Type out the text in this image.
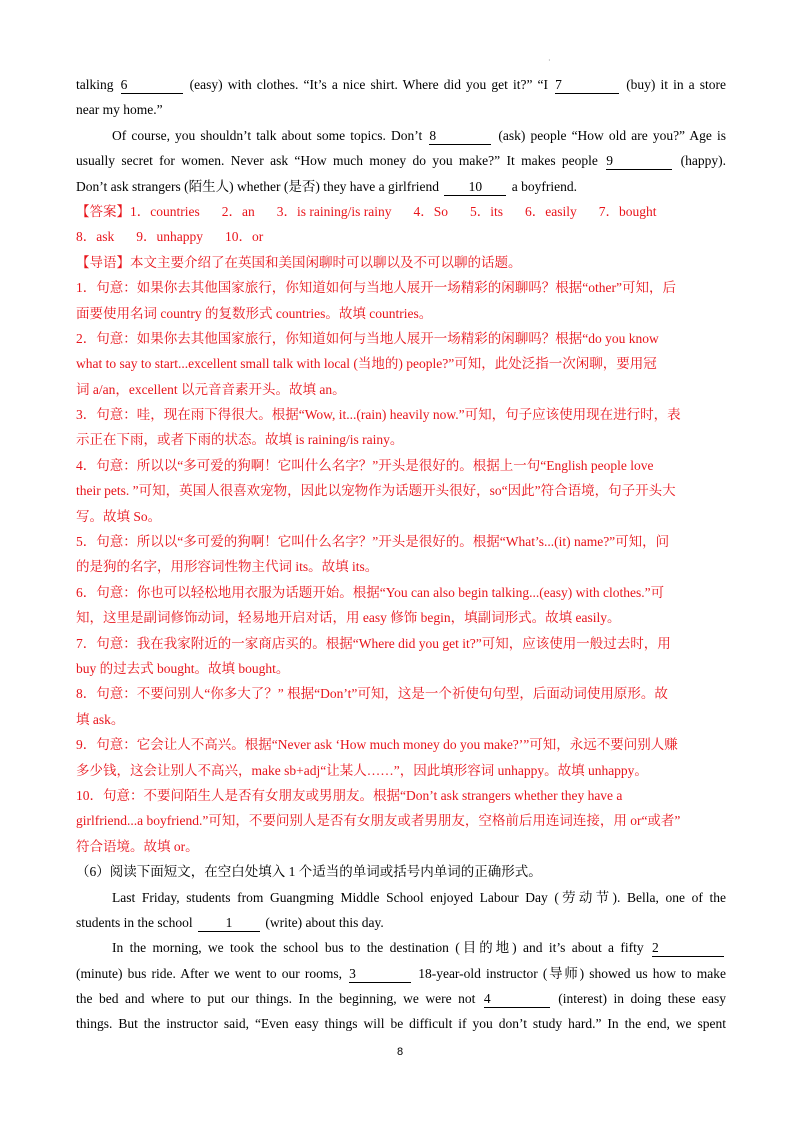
·
talking 6	(easy) with clothes. “It’s a nice shirt. Where did you get it?” “I 7	(buy) it in a store
near my home.”
Of course, you shouldn’t talk about some topics. Don’t 8	(ask) people “How old are you?” Age is
usually secret for women. Never ask “How much money do you make?” It makes people 9	(happy).
Don’t ask strangers (陌生人) whether (是否) they have a girlfriend 10 a boyfriend.
【答案】1．countries 2．an 3．is raining/is rainy 4．So 5．its 6．easily 7．bought
8．ask 9．unhappy 10．or
【导语】本文主要介绍了在英国和美国闲聊时可以聊以及不可以聊的话题。
1．句意：如果你去其他国家旅行，你知道如何与当地人展开一场精彩的闲聊吗？根据“other”可知，后
面要使用名词 country 的复数形式 countries。故填 countries。
2．句意：如果你去其他国家旅行，你知道如何与当地人展开一场精彩的闲聊吗？根据“do you know
what to say to start...excellent small talk with local (当地的) people?”可知，此处泛指一次闲聊，要用冠
词 a/an，excellent 以元音音素开头。故填 an。
3．句意：哇，现在雨下得很大。根据“Wow, it...(rain) heavily now.”可知，句子应该使用现在进行时，表
示正在下雨，或者下雨的状态。故填 is raining/is rainy。
4．句意：所以以“多可爱的狗啊！它叫什么名字？”开头是很好的。根据上一句“English people love
their pets. ”可知，英国人很喜欢宠物，因此以宠物作为话题开头很好，so“因此”符合语境，句子开头大
写。故填 So。
5．句意：所以以“多可爱的狗啊！它叫什么名字？”开头是很好的。根据“What’s...(it) name?”可知，问
的是狗的名字，用形容词性物主代词 its。故填 its。
6．句意：你也可以轻松地用衣服为话题开始。根据“You can also begin talking...(easy) with clothes.”可
知，这里是副词修饰动词，轻易地开启对话，用 easy 修饰 begin，填副词形式。故填 easily。
7．句意：我在我家附近的一家商店买的。根据“Where did you get it?”可知，应该使用一般过去时，用
buy 的过去式 bought。故填 bought。
8．句意：不要问别人“你多大了？” 根据“Don’t”可知，这是一个祈使句句型，后面动词使用原形。故
填 ask。
9．句意：它会让人不高兴。根据“Never ask ‘How much money do you make?’”可知，永远不要问别人赚
多少钱，这会让别人不高兴，make sb+adj“让某人……”，因此填形容词 unhappy。故填 unhappy。
10．句意：不要问陌生人是否有女朋友或男朋友。根据“Don’t ask strangers whether they have a
girlfriend...a boyfriend.”可知，不要问别人是否有女朋友或者男朋友，空格前后用连词连接，用 or“或者”
符合语境。故填 or。
（6）阅读下面短文，在空白处填入 1 个适当的单词或括号内单词的正确形式。
Last Friday, students from Guangming Middle School enjoyed Labour Day (劳动节). Bella, one of the
students in the school 1 (write) about this day.
In the morning, we took the school bus to the destination (目的地) and it’s about a fifty 2
(minute) bus ride. After we went to our rooms, 3	18-year-old instructor (导师) showed us how to make
the bed and where to put our things. In the beginning, we were not 4	(interest) in doing these easy
things. But the instructor said, “Even easy things will be difficult if you don’t study hard.” In the end, we spent
8
